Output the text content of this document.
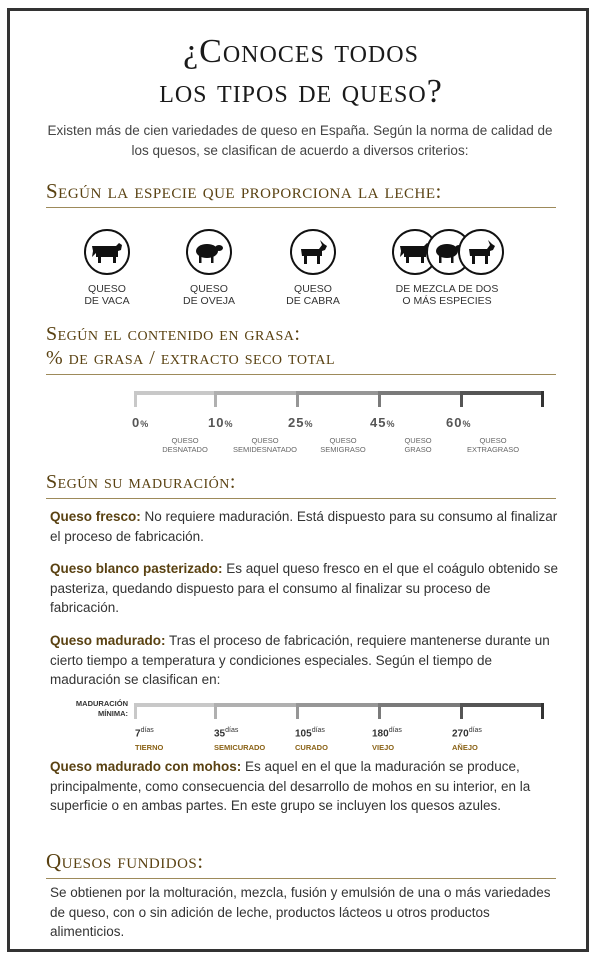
¿Conoces todos
los tipos de queso?
Existen más de cien variedades de queso en España. Según la norma de calidad de los quesos, se clasifican de acuerdo a diversos criterios:
Según la especie que proporciona la leche:
QUESO
DE VACA
QUESO
DE OVEJA
QUESO
DE CABRA
DE MEZCLA DE DOS
O MÁS ESPECIES
Según el contenido en grasa:
% de grasa / extracto seco total
0%	10%	25%	45%	60%
QUESO
DESNATADO
QUESO
SEMIDESNATADO
QUESO
SEMIGRASO
QUESO
GRASO
QUESO
EXTRAGRASO
Según su maduración:
Queso fresco: No requiere maduración. Está dispuesto para su consumo al finalizar el proceso de fabricación.
Queso blanco pasterizado: Es aquel queso fresco en el que el coágulo obtenido se pasteriza, quedando dispuesto para el consumo al finalizar su proceso de fabricación.
Queso madurado: Tras el proceso de fabricación, requiere mantenerse durante un cierto tiempo a temperatura y condiciones especiales. Según el tiempo de maduración se clasifican en:
MADURACIÓN
MÍNIMA:
$7^{días}$	$35^{días}$	$105^{días}$	$180^{días}$	$270^{días}$
TIERNO	SEMICURADO	CURADO	VIEJO	AÑEJO
Queso madurado con mohos: Es aquel en el que la maduración se produce, principalmente, como consecuencia del desarrollo de mohos en su interior, en la superficie o en ambas partes. En este grupo se incluyen los quesos azules.
Quesos fundidos:
Se obtienen por la molturación, mezcla, fusión y emulsión de una o más variedades de queso, con o sin adición de leche, productos lácteos u otros productos alimenticios.
